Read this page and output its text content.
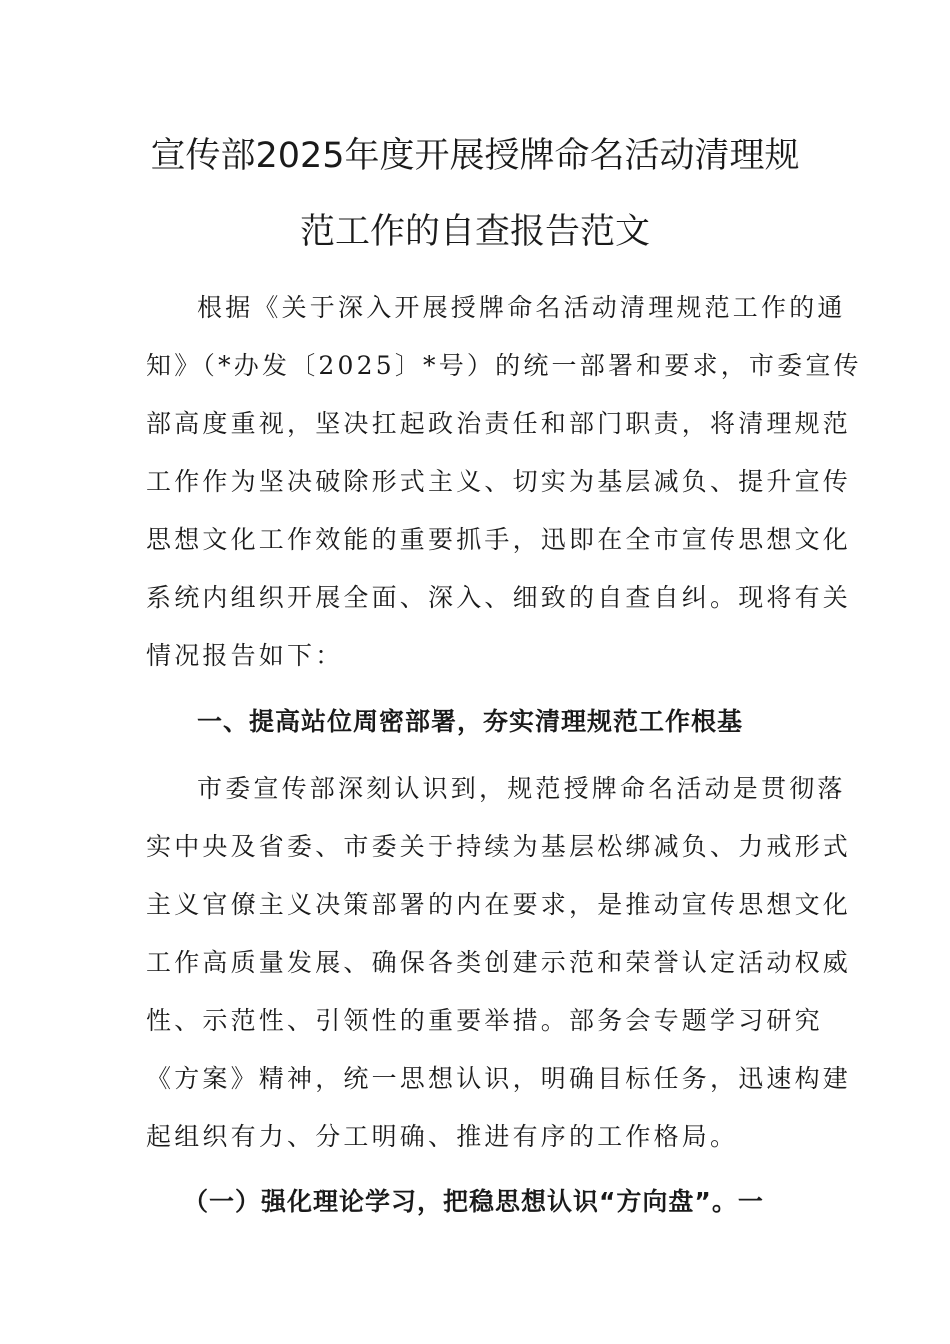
宣传部2025年度开展授牌命名活动清理规
范工作的自查报告范文
根据《关于深入开展授牌命名活动清理规范工作的通
知》（*办发〔2025〕*号）的统一部署和要求，市委宣传
部高度重视，坚决扛起政治责任和部门职责，将清理规范
工作作为坚决破除形式主义、切实为基层减负、提升宣传
思想文化工作效能的重要抓手，迅即在全市宣传思想文化
系统内组织开展全面、深入、细致的自查自纠。现将有关
情况报告如下：
一、提高站位周密部署，夯实清理规范工作根基
市委宣传部深刻认识到，规范授牌命名活动是贯彻落
实中央及省委、市委关于持续为基层松绑减负、力戒形式
主义官僚主义决策部署的内在要求，是推动宣传思想文化
工作高质量发展、确保各类创建示范和荣誉认定活动权威
性、示范性、引领性的重要举措。部务会专题学习研究
《方案》精神，统一思想认识，明确目标任务，迅速构建
起组织有力、分工明确、推进有序的工作格局。
（一）强化理论学习，把稳思想认识“方向盘”。一
